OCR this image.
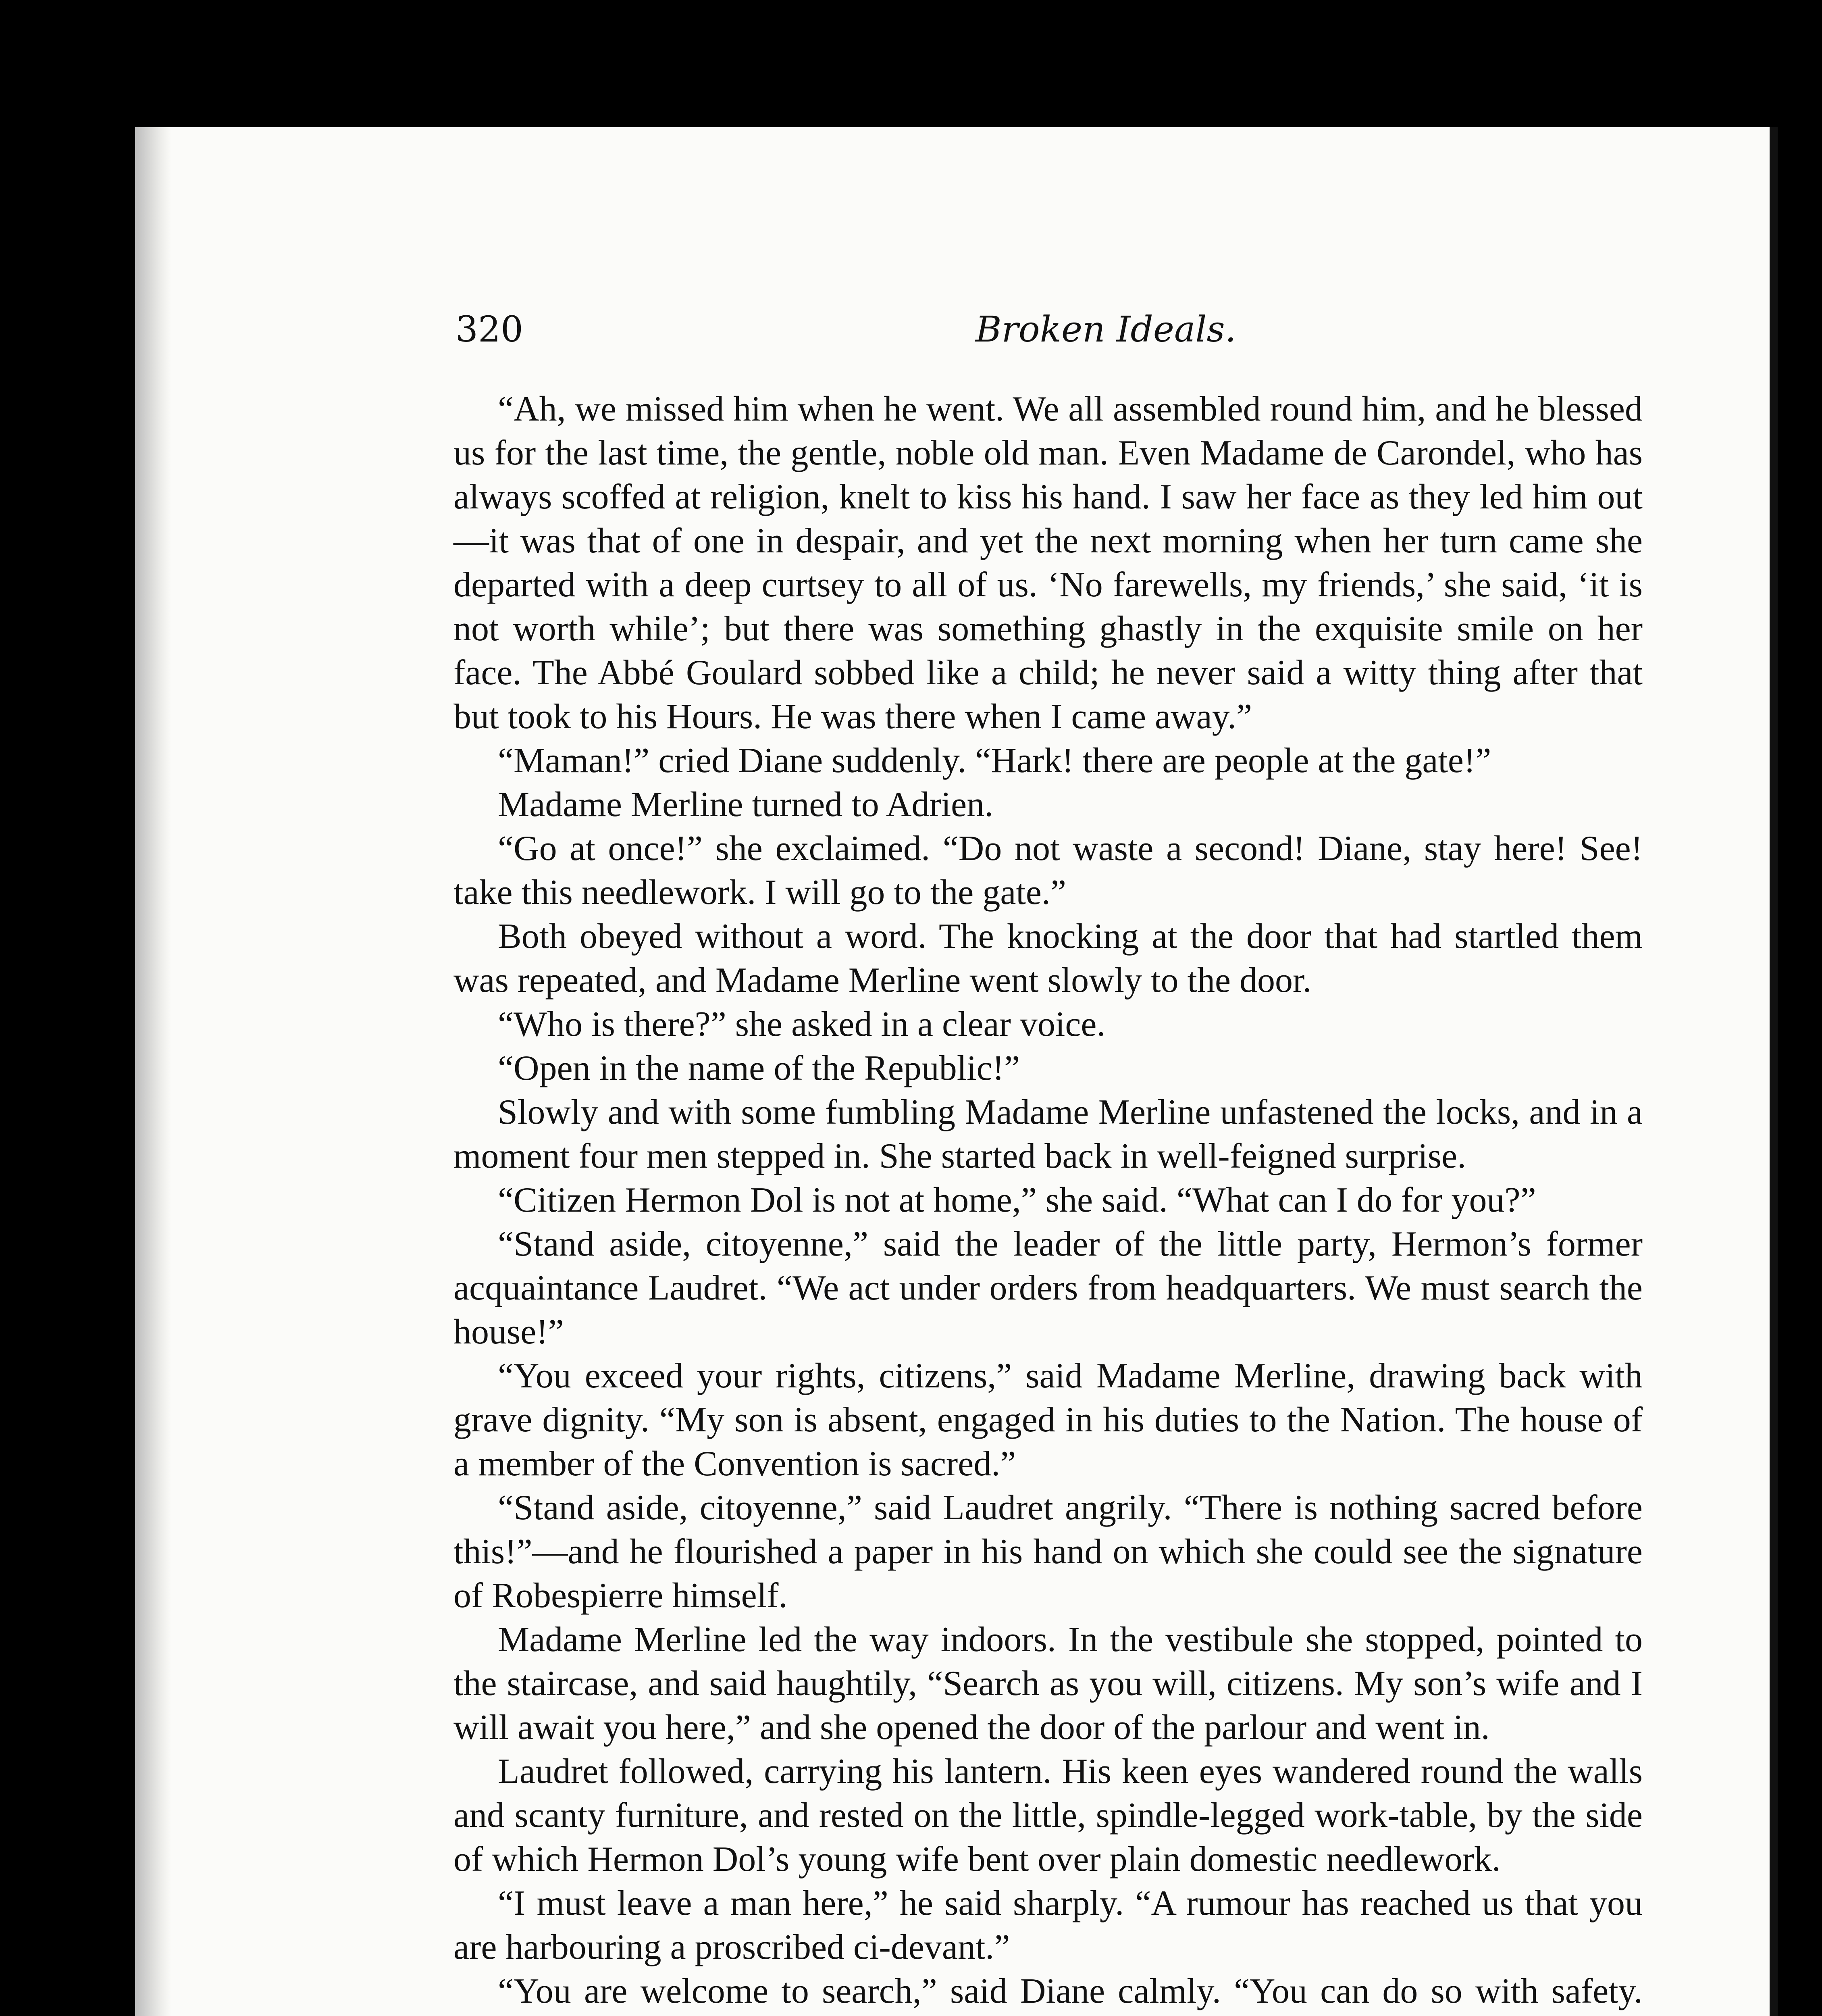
320	Broken Ideals.

“Ah, we missed him when he went. We all assembled round him, and he blessed us for the last time, the gentle, noble old man. Even Madame de Carondel, who has always scoffed at religion, knelt to kiss his hand. I saw her face as they led him out—it was that of one in despair, and yet the next morning when her turn came she departed with a deep curtsey to all of us. ‘No farewells, my friends,’ she said, ‘it is not worth while’; but there was something ghastly in the exquisite smile on her face. The Abbé Goulard sobbed like a child; he never said a witty thing after that but took to his Hours. He was there when I came away.”

“Maman!” cried Diane suddenly. “Hark! there are people at the gate!”

Madame Merline turned to Adrien.

“Go at once!” she exclaimed. “Do not waste a second! Diane, stay here! See! take this needlework. I will go to the gate.”

Both obeyed without a word. The knocking at the door that had startled them was repeated, and Madame Merline went slowly to the door.

“Who is there?” she asked in a clear voice.

“Open in the name of the Republic!”

Slowly and with some fumbling Madame Merline unfastened the locks, and in a moment four men stepped in. She started back in well-feigned surprise.

“Citizen Hermon Dol is not at home,” she said. “What can I do for you?”

“Stand aside, citoyenne,” said the leader of the little party, Hermon’s former acquaintance Laudret. “We act under orders from headquarters. We must search the house!”

“You exceed your rights, citizens,” said Madame Merline, drawing back with grave dignity. “My son is absent, engaged in his duties to the Nation. The house of a member of the Convention is sacred.”

“Stand aside, citoyenne,” said Laudret angrily. “There is nothing sacred before this!”—and he flourished a paper in his hand on which she could see the signature of Robespierre himself.

Madame Merline led the way indoors. In the vestibule she stopped, pointed to the staircase, and said haughtily, “Search as you will, citizens. My son’s wife and I will await you here,” and she opened the door of the parlour and went in.

Laudret followed, carrying his lantern. His keen eyes wandered round the walls and scanty furniture, and rested on the little, spindle-legged work-table, by the side of which Hermon Dol’s young wife bent over plain domestic needlework.

“I must leave a man here,” he said sharply. “A rumour has reached us that you are harbouring a proscribed ci-devant.”

“You are welcome to search,” said Diane calmly. “You can do so with safety.
